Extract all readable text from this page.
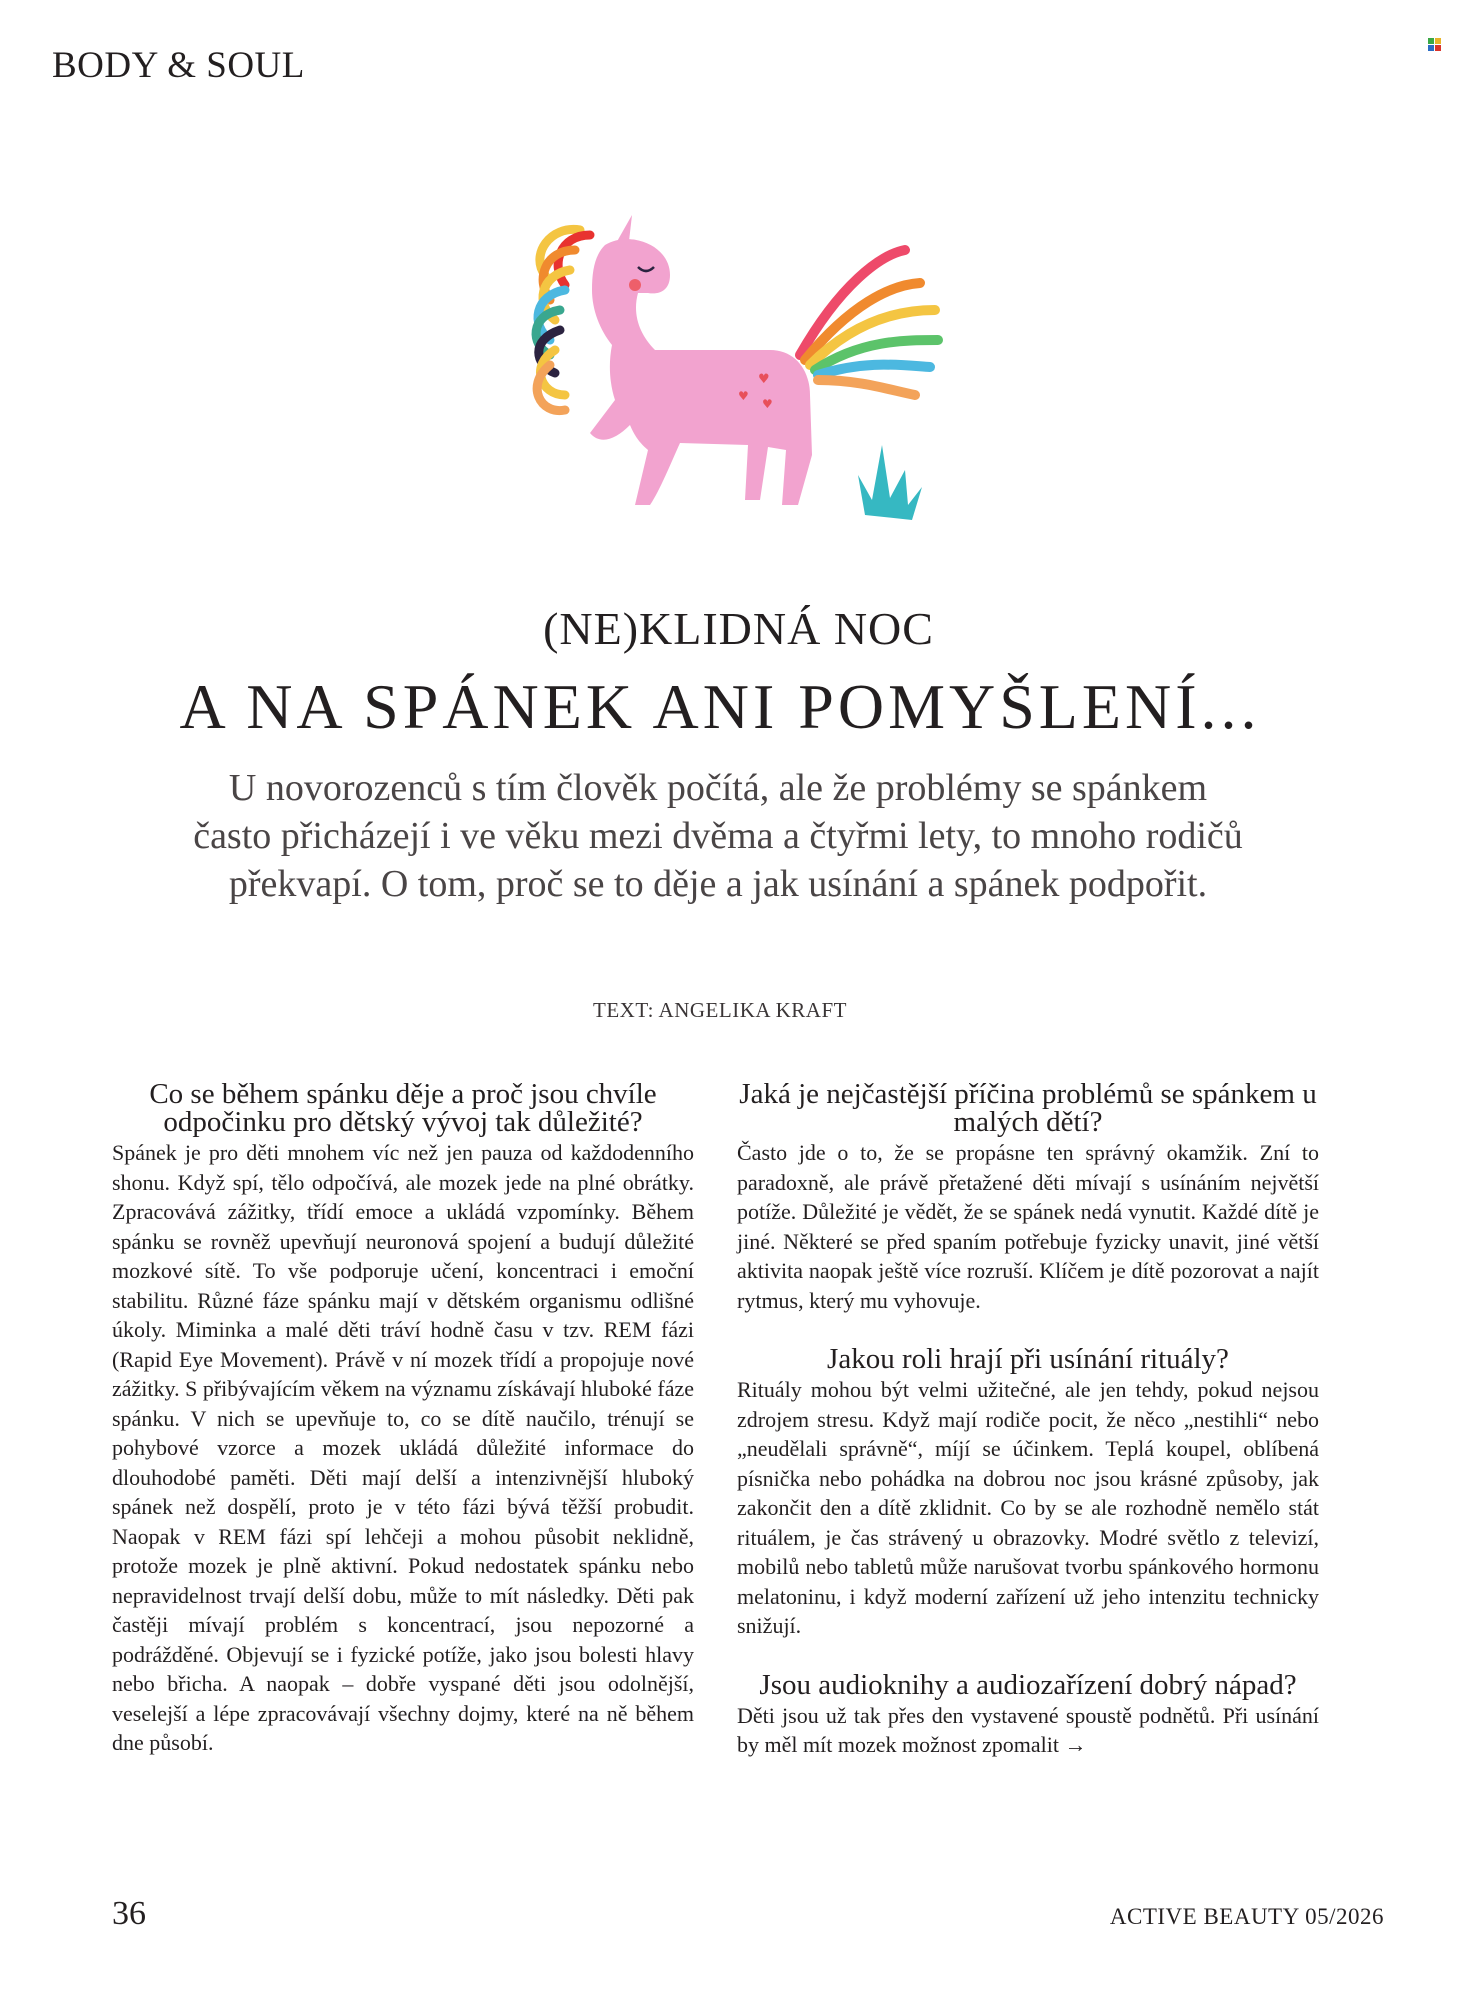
BODY & SOUL
♥
♥
♥
(NE)KLIDNÁ NOC
A NA SPÁNEK ANI POMYŠLENÍ...
U novorozenců s tím člověk počítá, ale že problémy se spánkem často přicházejí i ve věku mezi dvěma a čtyřmi lety, to mnoho rodičů překvapí. O tom, proč se to děje a jak usínání a spánek podpořit.
TEXT: ANGELIKA KRAFT
Co se během spánku děje a proč jsou chvíle odpočinku pro dětský vývoj tak důležité?

Spánek je pro děti mnohem víc než jen pauza od každodenního shonu. Když spí, tělo odpočívá, ale mozek jede na plné obrátky. Zpracovává zážitky, třídí emoce a ukládá vzpomínky. Během spánku se rovněž upevňují neuronová spojení a budují důležité mozkové sítě. To vše podporuje učení, koncentraci i emoční stabilitu. Různé fáze spánku mají v dětském organismu odlišné úkoly. Miminka a malé děti tráví hodně času v tzv. REM fázi (Rapid Eye Movement). Právě v ní mozek třídí a propojuje nové zážitky. S přibývajícím věkem na významu získávají hluboké fáze spánku. V nich se upevňuje to, co se dítě naučilo, trénují se pohybové vzorce a mozek ukládá důležité informace do dlouhodobé paměti. Děti mají delší a intenzivnější hluboký spánek než dospělí, proto je v této fázi bývá těžší probudit. Naopak v REM fázi spí lehčeji a mohou působit neklidně, protože mozek je plně aktivní. Pokud nedostatek spánku nebo nepravidelnost trvají delší dobu, může to mít následky. Děti pak častěji mívají problém s koncentrací, jsou nepozorné a podrážděné. Objevují se i fyzické potíže, jako jsou bolesti hlavy nebo břicha. A naopak – dobře vyspané děti jsou odolnější, veselejší a lépe zpracovávají všechny dojmy, které na ně během dne působí.

Jaká je nejčastější příčina problémů se spánkem u malých dětí?

Často jde o to, že se propásne ten správný okamžik. Zní to paradoxně, ale právě přetažené děti mívají s usínáním největší potíže. Důležité je vědět, že se spánek nedá vynutit. Každé dítě je jiné. Některé se před spaním potřebuje fyzicky unavit, jiné větší aktivita naopak ještě více rozruší. Klíčem je dítě pozorovat a najít rytmus, který mu vyhovuje.

Jakou roli hrají při usínání rituály?

Rituály mohou být velmi užitečné, ale jen tehdy, pokud nejsou zdrojem stresu. Když mají rodiče pocit, že něco „nestihli“ nebo „neudělali správně“, míjí se účinkem. Teplá koupel, oblíbená písnička nebo pohádka na dobrou noc jsou krásné způsoby, jak zakončit den a dítě zklidnit. Co by se ale rozhodně nemělo stát rituálem, je čas strávený u obrazovky. Modré světlo z televizí, mobilů nebo tabletů může narušovat tvorbu spánkového hormonu melatoninu, i když moderní zařízení už jeho intenzitu technicky snižují.

Jsou audioknihy a audiozařízení dobrý nápad?

Děti jsou už tak přes den vystavené spoustě podnětů. Při usínání by měl mít mozek možnost zpomalit →

36	ACTIVE BEAUTY 05/2026
